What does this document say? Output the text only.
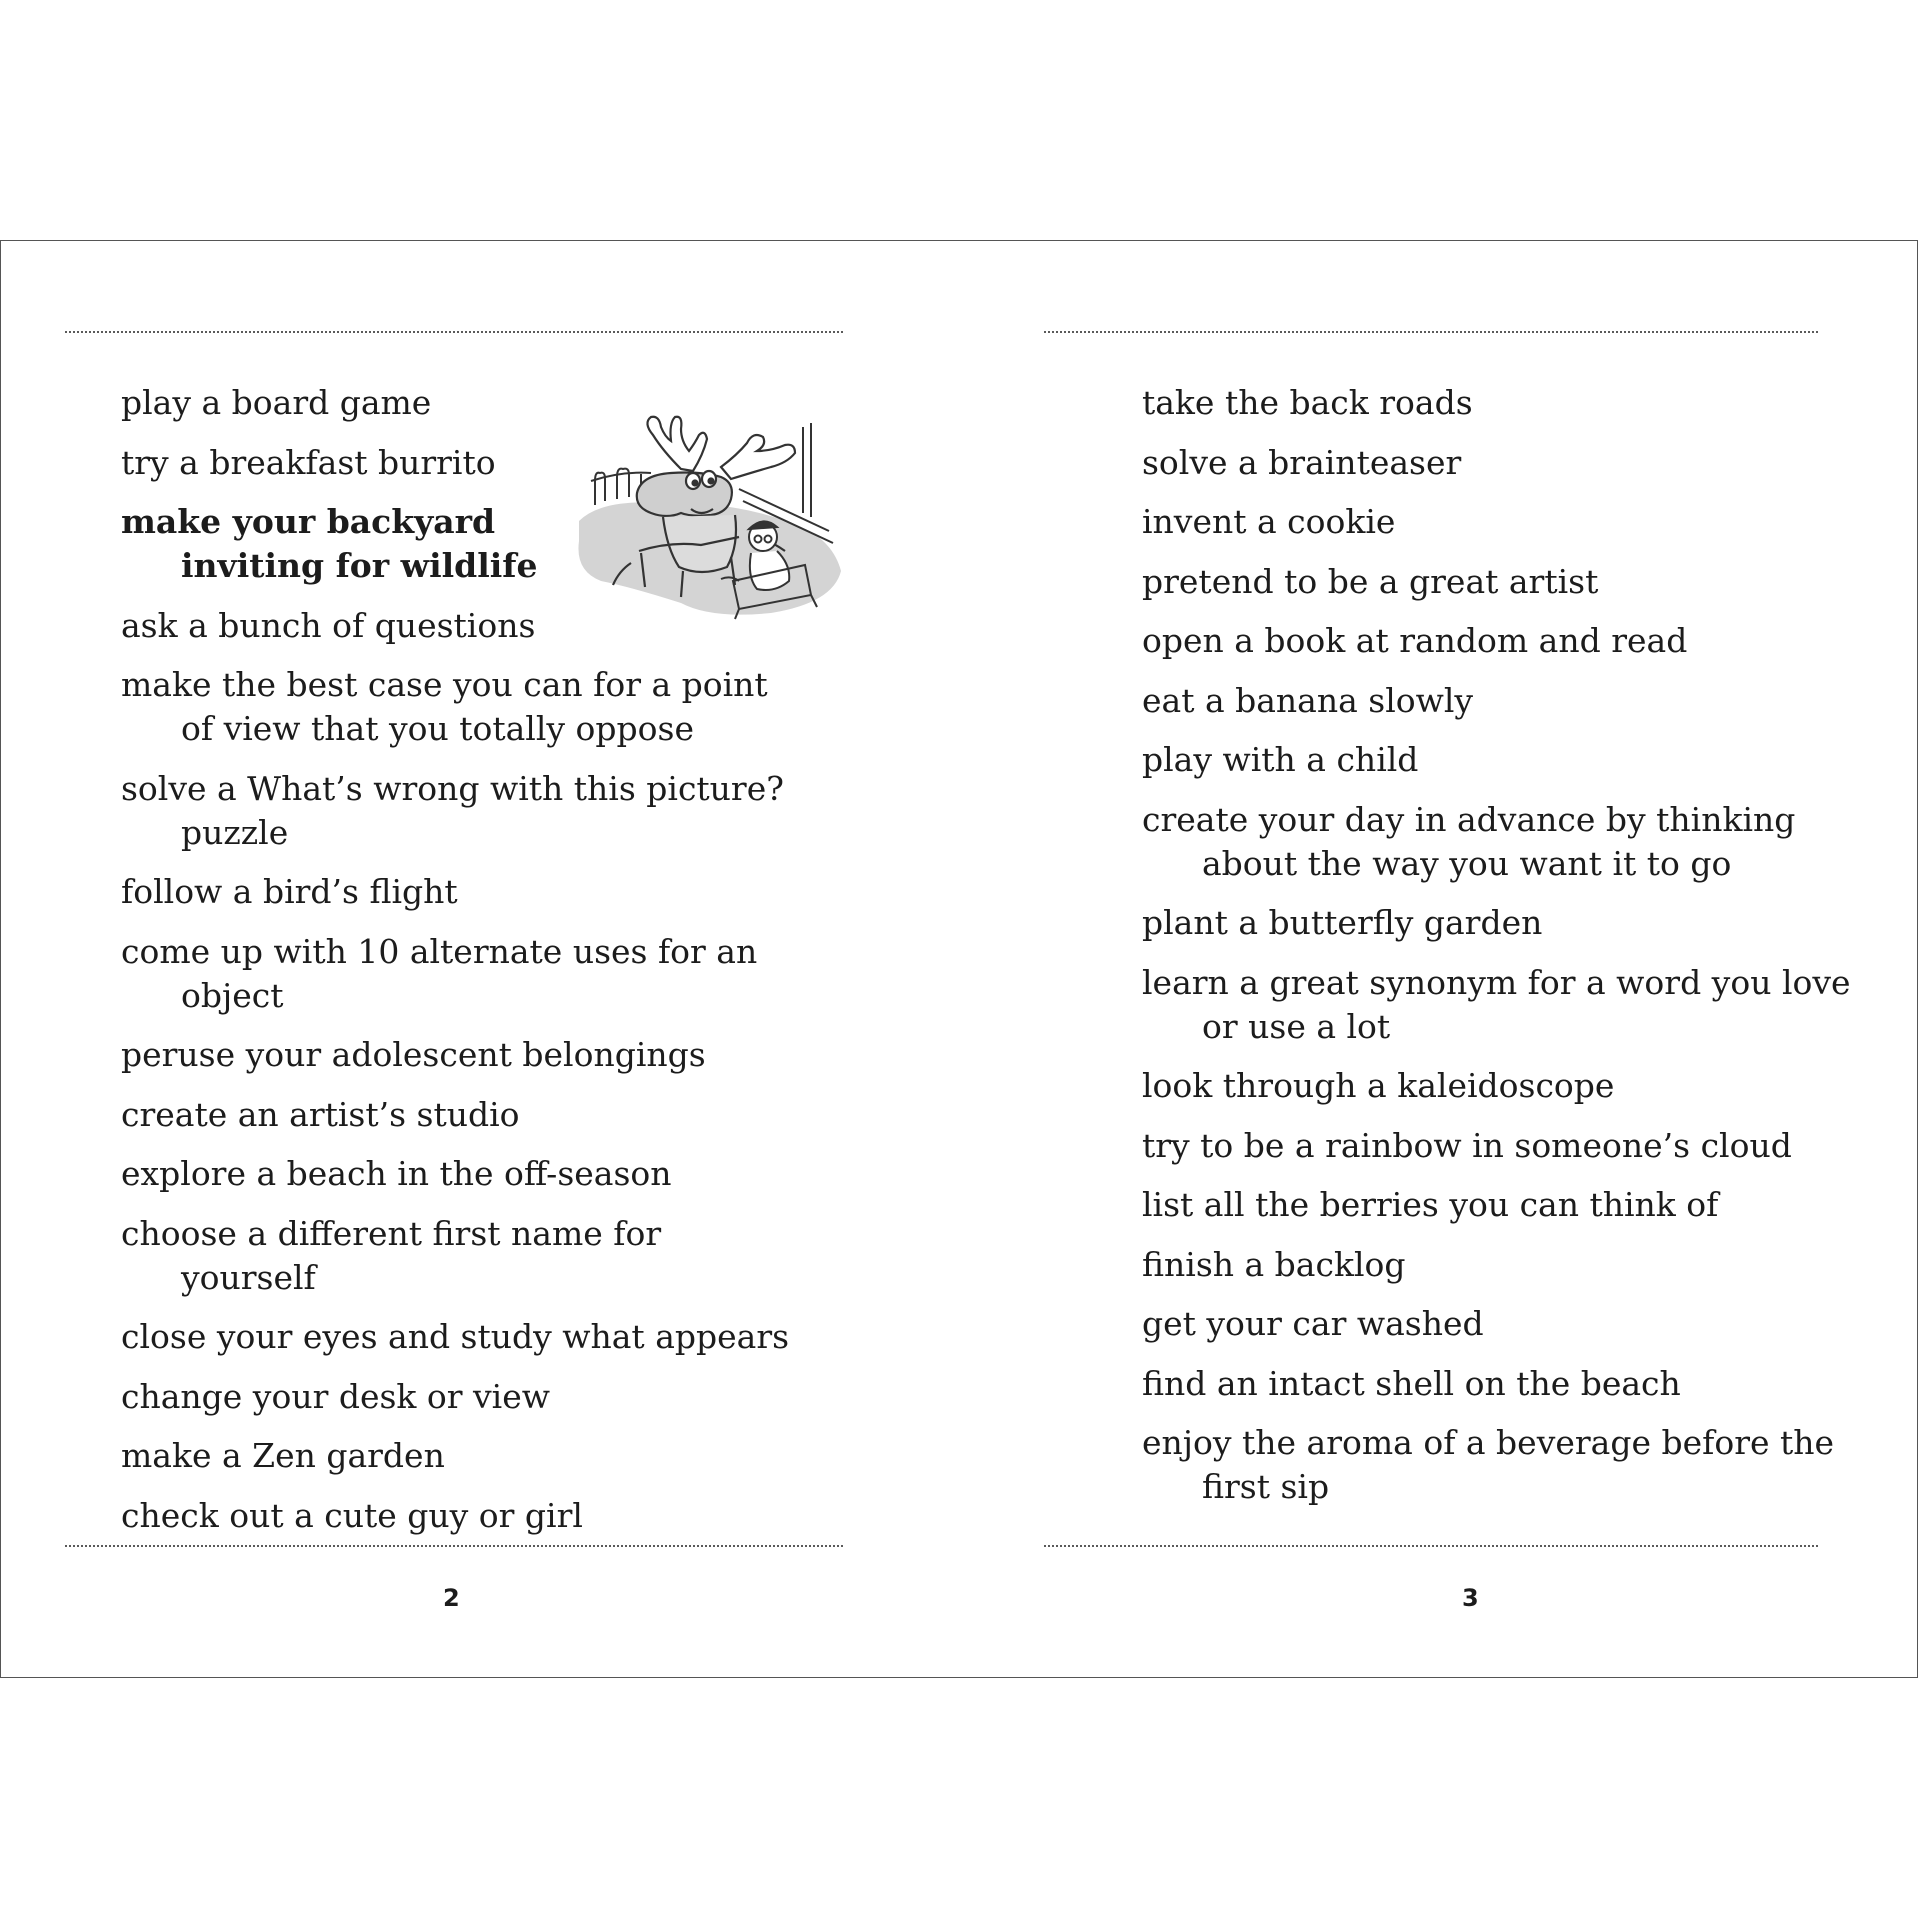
play a board game
try a breakfast burrito
make your backyard inviting for wildlife
ask a bunch of questions
make the best case you can for a point of view that you totally oppose
solve a What’s wrong with this picture? puzzle
follow a bird’s flight
come up with 10 alternate uses for an object
peruse your adolescent belongings
create an artist’s studio
explore a beach in the off-season
choose a different first name for yourself
close your eyes and study what appears
change your desk or view
make a Zen garden
check out a cute guy or girl
2
take the back roads
solve a brainteaser
invent a cookie
pretend to be a great artist
open a book at random and read
eat a banana slowly
play with a child
create your day in advance by thinking about the way you want it to go
plant a butterfly garden
learn a great synonym for a word you love or use a lot
look through a kaleidoscope
try to be a rainbow in someone’s cloud
list all the berries you can think of
finish a backlog
get your car washed
find an intact shell on the beach
enjoy the aroma of a beverage before the first sip
3
